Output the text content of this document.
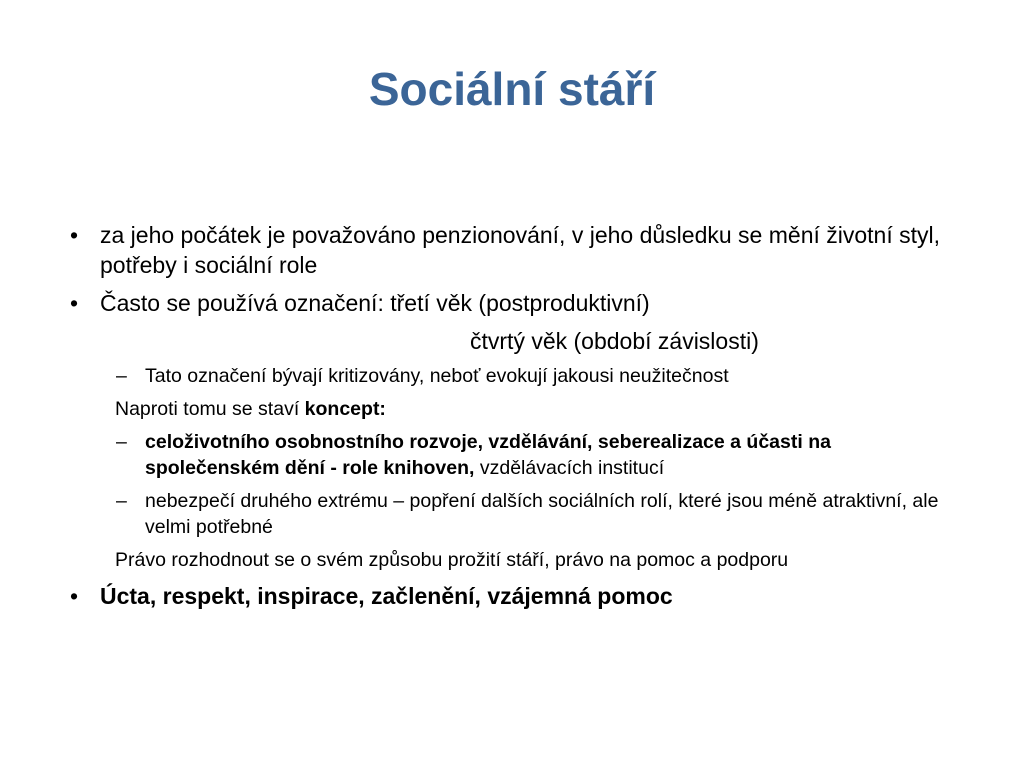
Sociální stáří
• za jeho počátek je považováno penzionování, v jeho důsledku se mění životní styl, potřeby i sociální role
• Často se používá označení: třetí věk (postproduktivní)
čtvrtý věk (období závislosti)
– Tato označení bývají kritizovány, neboť evokují jakousi neužitečnost
Naproti tomu se staví koncept:
– celoživotního osobnostního rozvoje, vzdělávání, seberealizace a účasti na společenském dění - role knihoven, vzdělávacích institucí
– nebezpečí druhého extrému – popření dalších sociálních rolí, které jsou méně atraktivní, ale velmi potřebné
Právo rozhodnout se o svém způsobu prožití stáří, právo na pomoc a podporu
• Úcta, respekt, inspirace, začlenění, vzájemná pomoc
